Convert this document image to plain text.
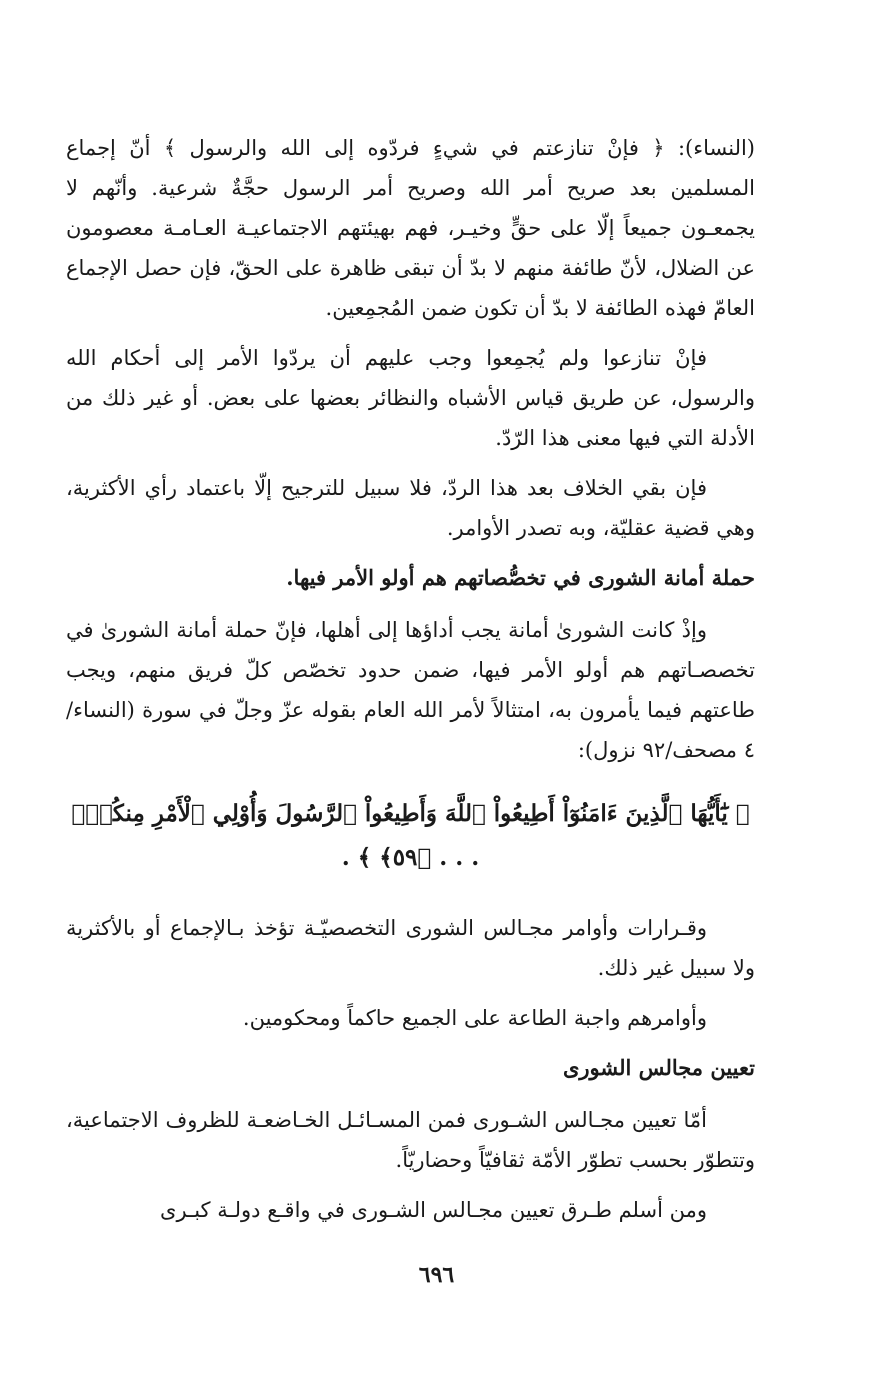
(النساء): ﴿ فإنْ تنازعتم في شيءٍ فردّوه إلى الله والرسول ﴾ أنّ إجماع المسلمين بعد صريح أمر الله وصريح أمر الرسول حجَّةٌ شرعية. وأنّهم لا يجمعـون جميعاً إلّا على حقٍّ وخيـر، فهم بهيئتهم الاجتماعيـة العـامـة معصومون عن الضلال، لأنّ طائفة منهم لا بدّ أن تبقى ظاهرة على الحقّ، فإن حصل الإجماع العامّ فهذه الطائفة لا بدّ أن تكون ضمن المُجمِعين.

فإنْ تنازعوا ولم يُجمِعوا وجب عليهم أن يردّوا الأمر إلى أحكام الله والرسول، عن طريق قياس الأشباه والنظائر بعضها على بعض. أو غير ذلك من الأدلة التي فيها معنى هذا الرّدّ.

فإن بقي الخلاف بعد هذا الردّ، فلا سبيل للترجيح إلّا باعتماد رأي الأكثرية، وهي قضية عقليّة، وبه تصدر الأوامر.

حملة أمانة الشورى في تخصُّصاتهم هم أولو الأمر فيها.

وإذْ كانت الشورىٰ أمانة يجب أداؤها إلى أهلها، فإنّ حملة أمانة الشورىٰ في تخصصـاتهم هم أولو الأمر فيها، ضمن حدود تخصّص كلّ فريق منهم، ويجب طاعتهم فيما يأمرون به، امتثالاً لأمر الله العام بقوله عزّ وجلّ في سورة (النساء/٤ مصحف/٩٢ نزول):

﴿ يَٰٓأَيُّهَا ٱلَّذِينَ ءَامَنُوٓاْ أَطِيعُواْ ٱللَّهَ وَأَطِيعُواْ ٱلرَّسُولَ وَأُوْلِي ٱلْأَمْرِ مِنكُمْۖ . . . ﴿٥٩﴾ ﴾ .

وقـرارات وأوامر مجـالس الشورى التخصصيّـة تؤخذ بـالإجماع أو بالأكثرية ولا سبيل غير ذلك.

وأوامرهم واجبة الطاعة على الجميع حاكماً ومحكومين.

تعيين مجالس الشورى

أمّا تعيين مجـالس الشـورى فمن المسـائـل الخـاضعـة للظروف الاجتماعية، وتتطوّر بحسب تطوّر الأمّة ثقافيّاً وحضاريّاً.

ومن أسلم طـرق تعيين مجـالس الشـورى في واقـع دولـة كبـرى

٦٩٦
